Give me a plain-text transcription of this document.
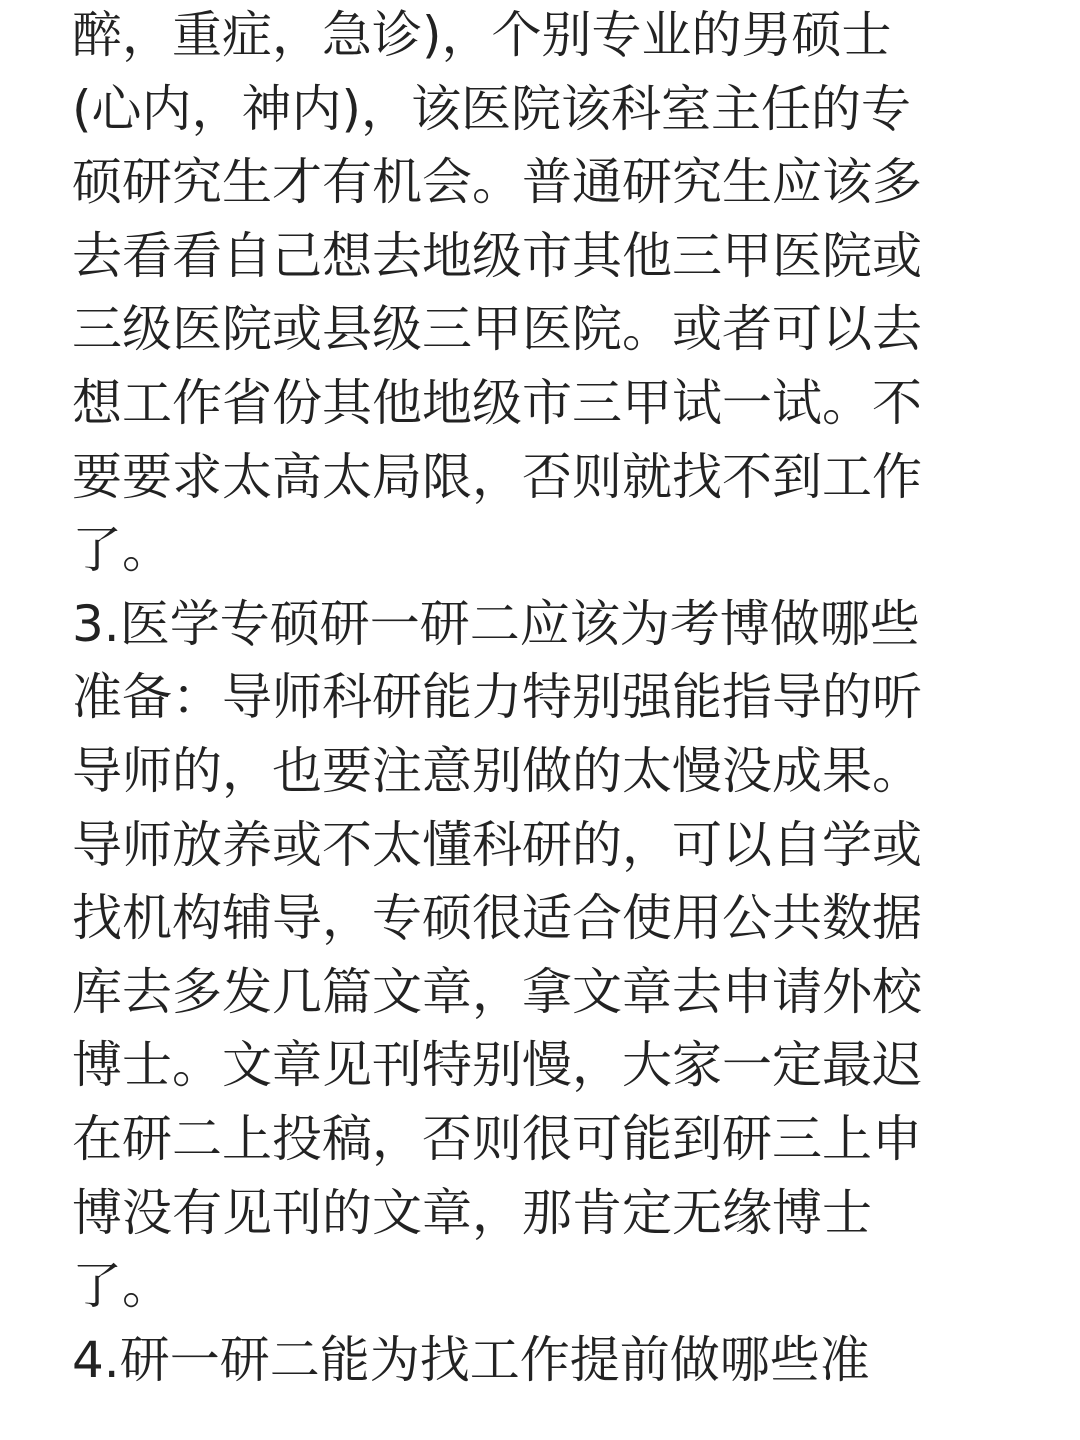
醉，重症，急诊)，个别专业的男硕士
(心内，神内)，该医院该科室主任的专
硕研究生才有机会。普通研究生应该多
去看看自己想去地级市其他三甲医院或
三级医院或县级三甲医院。或者可以去
想工作省份其他地级市三甲试一试。不
要要求太高太局限，否则就找不到工作
了。
3.医学专硕研一研二应该为考博做哪些
准备：导师科研能力特别强能指导的听
导师的，也要注意别做的太慢没成果。
导师放养或不太懂科研的，可以自学或
找机构辅导，专硕很适合使用公共数据
库去多发几篇文章，拿文章去申请外校
博士。文章见刊特别慢，大家一定最迟
在研二上投稿，否则很可能到研三上申
博没有见刊的文章，那肯定无缘博士
了。
4.研一研二能为找工作提前做哪些准
